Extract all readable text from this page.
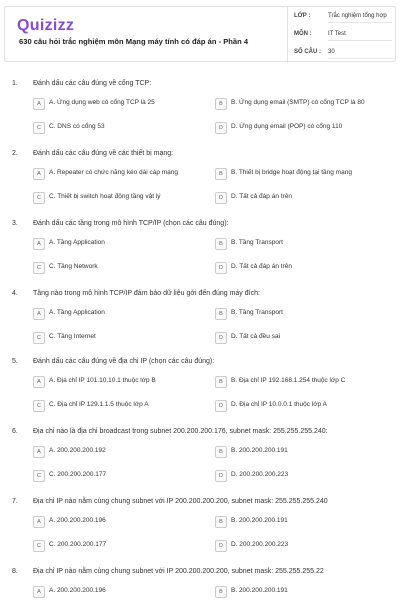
Quizizz
630 câu hỏi trắc nghiệm môn Mạng máy tính có đáp án - Phần 4
LỚP :	Trắc nghiệm tổng hợp
MÔN :	IT Test
SỐ CÂU : 30
1. Đánh dấu các câu đúng về cổng TCP:
A	A. Ứng dụng web có cổng TCP là 25	B	B. Ứng dụng email (SMTP) có cổng TCP là 80
C	C. DNS có cổng 53	D	D. Ứng dụng email (POP) có cổng 110
2. Đánh dấu các câu đúng về các thiết bị mạng:
A	A. Repeater có chức năng kéo dài cáp mạng	B	B. Thiết bị bridge hoạt động tại tầng mạng
C	C. Thiết bị switch hoạt động tầng vật lý	D	D. Tất cả đáp án trên
3. Đánh dấu các tầng trong mô hình TCP/IP (chọn các câu đúng):
A	A. Tầng Application	B	B. Tầng Transport
C	C. Tầng Network	D	D. Tất cả đáp án trên
4. Tầng nào trong mô hình TCP/IP đảm bảo dữ liệu gởi đến đúng máy đích:
A	A. Tầng Application	B	B. Tầng Transport
C	C. Tầng Internet	D	D. Tất cả đều sai
5. Đánh dấu các câu đúng về địa chỉ IP (chọn các câu đúng):
A	A. Địa chỉ IP 101.10.10.1 thuộc lớp B	B	B. Địa chỉ IP 192.168.1.254 thuộc lớp C
C	C. Địa chỉ IP 129.1.1.5 thuộc lớp A	D	D. Địa chỉ IP 10.0.0.1 thuộc lớp A
6. Địa chỉ nào là địa chỉ broadcast trong subnet 200.200.200.176, subnet mask: 255.255.255.240:
A	A. 200.200.200.192	B	B. 200.200.200.191
C	C. 200.200.200.177	D	D. 200.200.200.223
7. Địa chỉ IP nào nằm cùng chung subnet với IP 200.200.200.200, subnet mask: 255.255.255.240
A	A. 200.200.200.196	B	B. 200.200.200.191
C	C. 200.200.200.177	D	D. 200.200.200.223
8. Địa chỉ IP nào nằm cùng chung subnet với IP 200.200.200.200, subnet mask: 255.255.255.22
A	A. 200.200.200.196	B	B. 200.200.200.191
